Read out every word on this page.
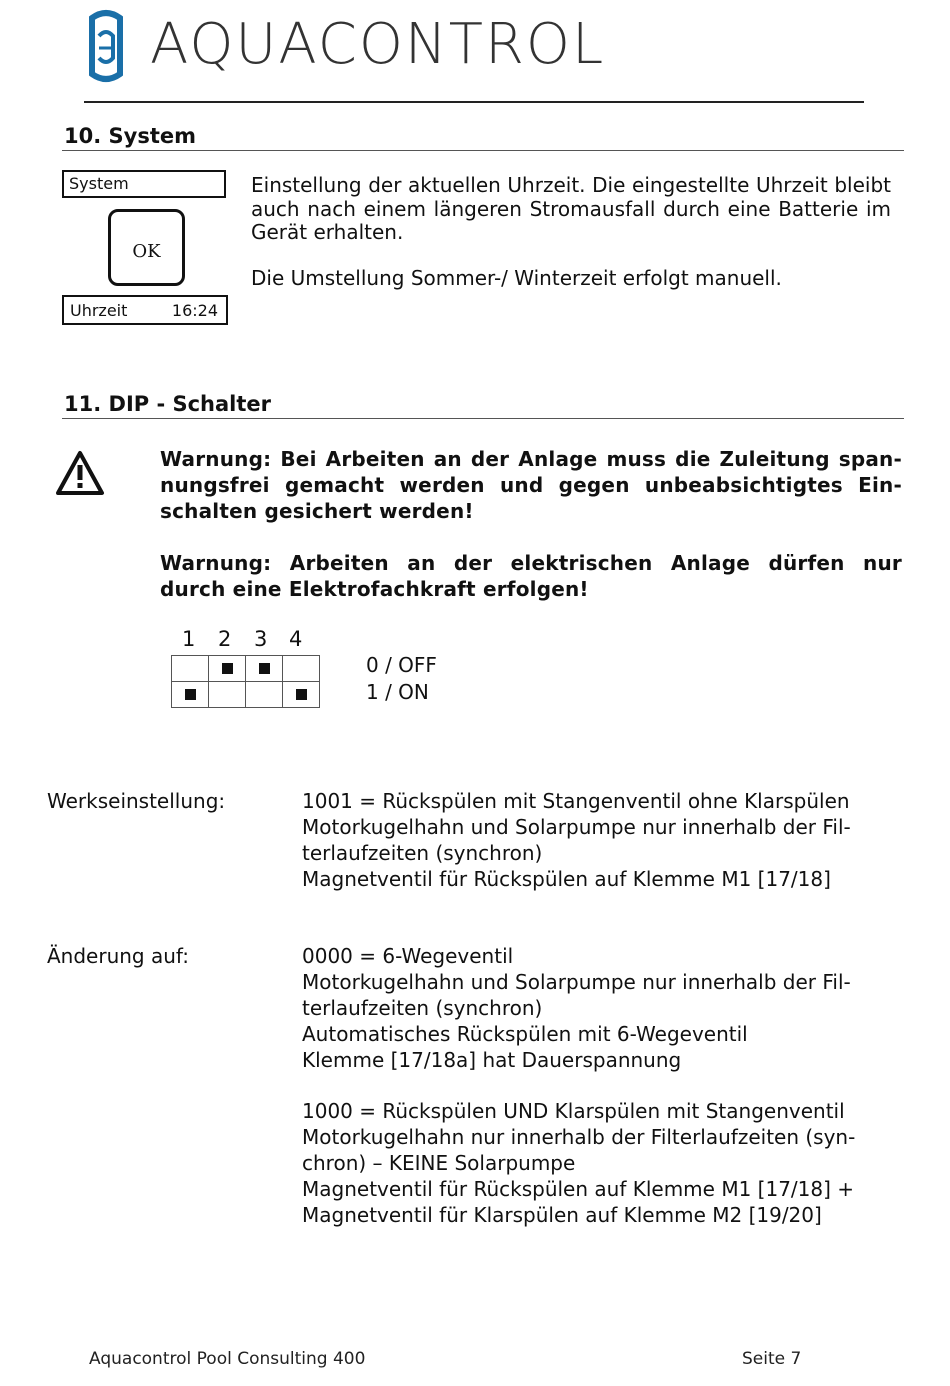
AQUACONTROL
10. System
System
OK
Uhrzeit	16:24
Einstellung der aktuellen Uhrzeit. Die eingestellte Uhrzeit bleibt auch nach einem längeren Stromausfall durch eine Batterie im Gerät erhalten.
Die Umstellung Sommer-/ Winterzeit erfolgt manuell.
11. DIP - Schalter
Warnung: Bei Arbeiten an der Anlage muss die Zuleitung span-
nungsfrei gemacht werden und gegen unbeabsichtigtes Ein-
schalten gesichert werden!
Warnung: Arbeiten an der elektrischen Anlage dürfen nur
durch eine Elektrofachkraft erfolgen!
1 2 3 4

0 / OFF
1 / ON
Werkseinstellung:	1001 = Rückspülen mit Stangenventil ohne Klarspülen
Motorkugelhahn und Solarpumpe nur innerhalb der Fil-
terlaufzeiten (synchron)
Magnetventil für Rückspülen auf Klemme M1 [17/18]
Änderung auf:	0000 = 6-Wegeventil
Motorkugelhahn und Solarpumpe nur innerhalb der Fil-
terlaufzeiten (synchron)
Automatisches Rückspülen mit 6-Wegeventil
Klemme [17/18a] hat Dauerspannung
1000 = Rückspülen UND Klarspülen mit Stangenventil
Motorkugelhahn nur innerhalb der Filterlaufzeiten (syn-
chron) – KEINE Solarpumpe
Magnetventil für Rückspülen auf Klemme M1 [17/18] +
Magnetventil für Klarspülen auf Klemme M2 [19/20]
Aquacontrol Pool Consulting 400	Seite 7
